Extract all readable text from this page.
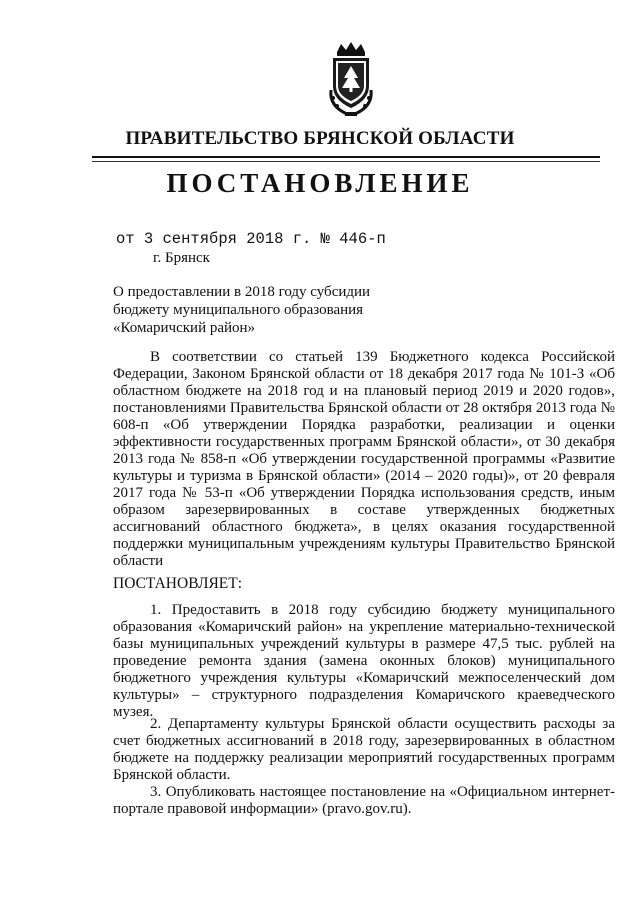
ПРАВИТЕЛЬСТВО БРЯНСКОЙ ОБЛАСТИ
ПОСТАНОВЛЕНИЕ
от 3 сентября 2018 г. № 446-п
г. Брянск
О предоставлении в 2018 году субсидии
бюджету муниципального образования
«Комаричский район»

В соответствии со статьей 139 Бюджетного кодекса Российской Федерации, Законом Брянской области от 18 декабря 2017 года № 101-З «Об областном бюджете на 2018 год и на плановый период 2019 и 2020 годов», постановлениями Правительства Брянской области от 28 октября 2013 года № 608-п «Об утверждении Порядка разработки, реализации и оценки эффективности государственных программ Брянской области», от 30 декабря 2013 года № 858-п «Об утверждении государственной программы «Развитие культуры и туризма в Брянской области» (2014 – 2020 годы)», от 20 февраля 2017 года № 53-п «Об утверждении Порядка использования средств, иным образом зарезервированных в составе утвержденных бюджетных ассигнований областного бюджета», в целях оказания государственной поддержки муниципальным учреждениям культуры Правительство Брянской области

ПОСТАНОВЛЯЕТ:

1. Предоставить в 2018 году субсидию бюджету муниципального образования «Комаричский район» на укрепление материально-технической базы муниципальных учреждений культуры в размере 47,5 тыс. рублей на проведение ремонта здания (замена оконных блоков) муниципального бюджетного учреждения культуры «Комаричский межпоселенческий дом культуры» – структурного подразделения Комаричского краеведческого музея.

2. Департаменту культуры Брянской области осуществить расходы за счет бюджетных ассигнований в 2018 году, зарезервированных в областном бюджете на поддержку реализации мероприятий государственных программ Брянской области.

3. Опубликовать настоящее постановление на «Официальном интернет-портале правовой информации» (pravo.gov.ru).
